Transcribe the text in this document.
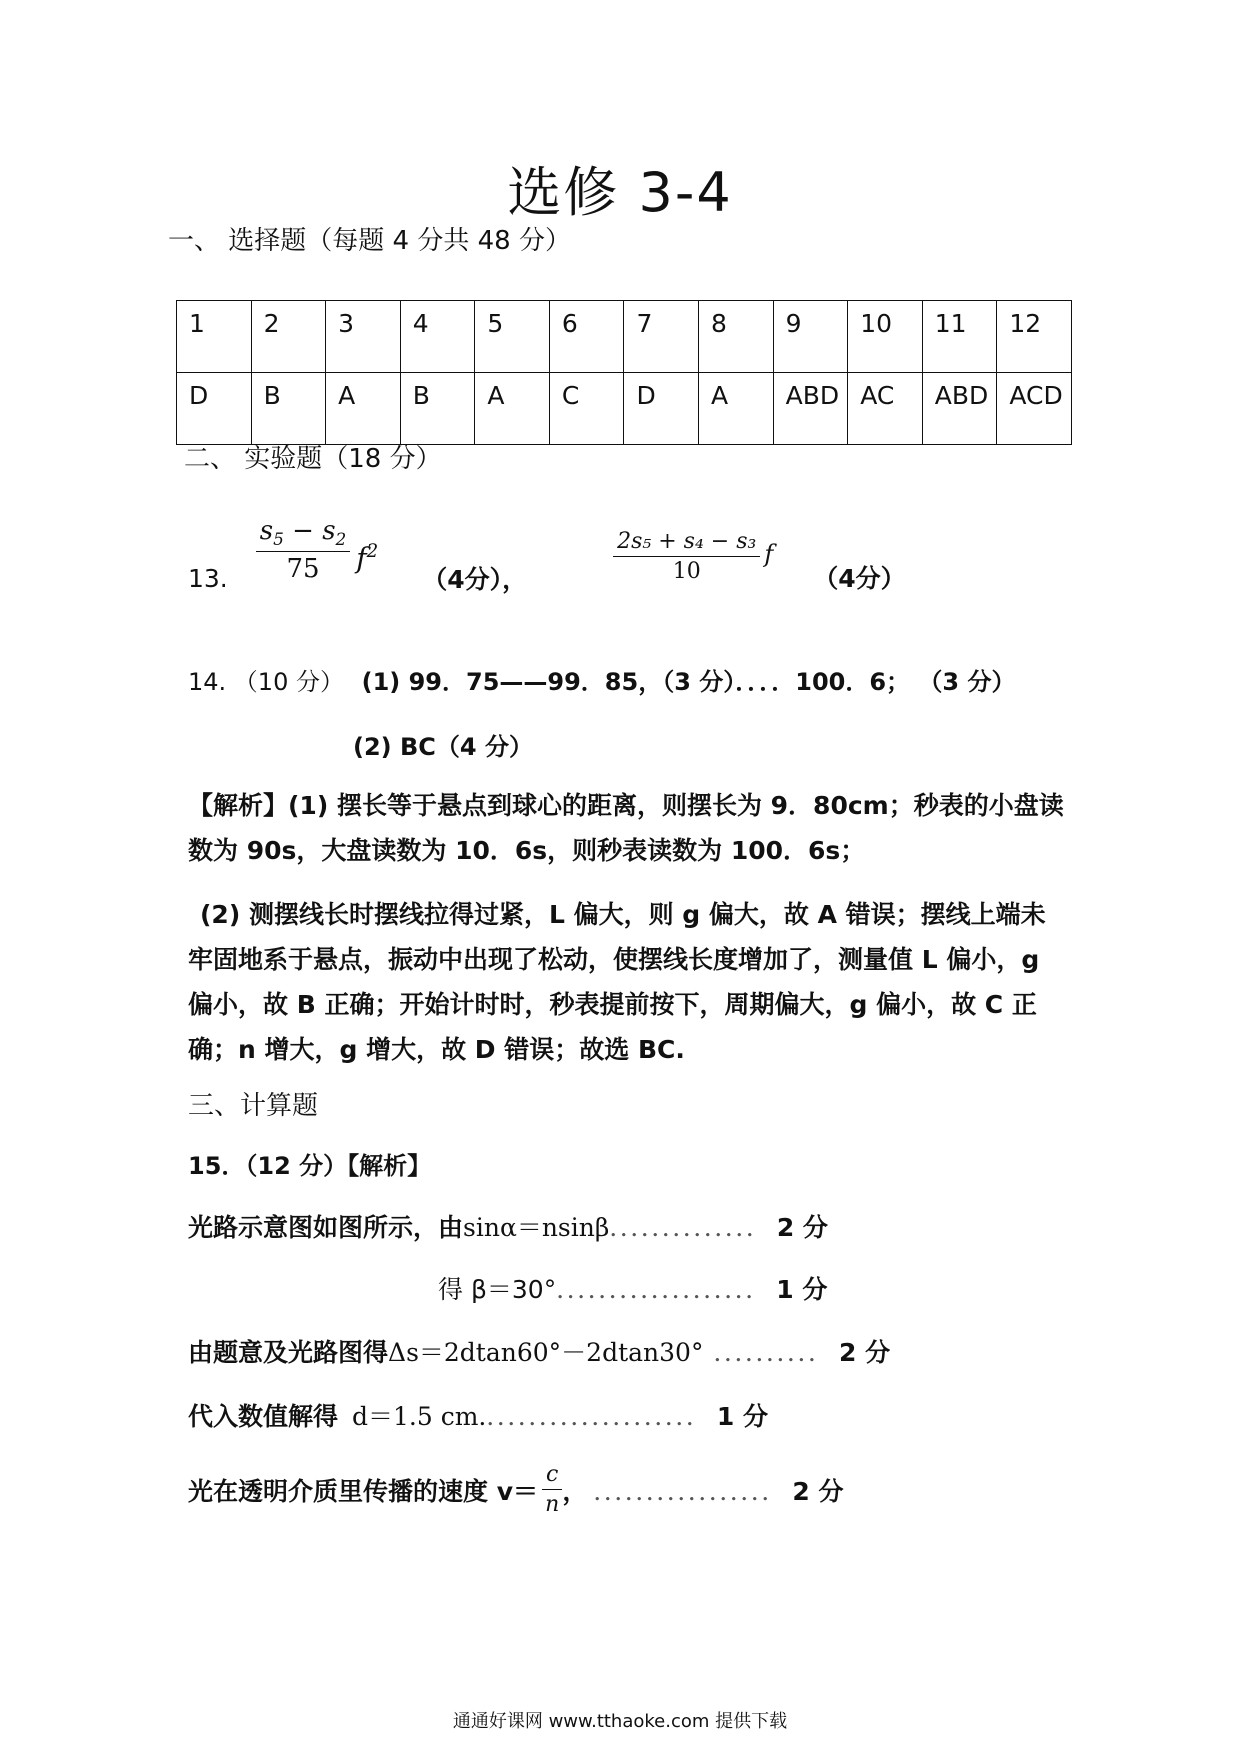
选修 3-4
一、 选择题（每题 4 分共 48 分）
1	2	3	4	5	6	7	8	9	10	11	12
D	B	A	B	A	C	D	A	ABD	AC	ABD	ACD
二、 实验题（18 分）
13. $\frac{s_5 - s_2}{75} f^2$
（4分），	$\frac{\text{2s₅ + s₄ − s₃}}{10}$ f
（4分）
14. （10 分） (1) 99．75——99．85，（3 分）．．．．100．6； （3 分）
(2) BC（4 分）
【解析】(1) 摆长等于悬点到球心的距离，则摆长为 9．80cm；秒表的小盘读数为 90s，大盘读数为 10．6s，则秒表读数为 100．6s；
(2) 测摆线长时摆线拉得过紧，L 偏大，则 g 偏大，故 A 错误；摆线上端未牢固地系于悬点，振动中出现了松动，使摆线长度增加了，测量值 L 偏小，g 偏小，故 B 正确；开始计时时，秒表提前按下，周期偏大，g 偏小，故 C 正确；n 增大，g 增大，故 D 错误；故选 BC.
三、计算题
15．（12 分）【解析】
光路示意图如图所示，由sinα＝nsinβ．．．．．．．．．．．．．． 2 分
得 β＝30°．．．．．．．．．．．．．．．．．．． 1 分
由题意及光路图得Δs＝2dtan60°－2dtan30° ．．．．．．．．．． 2 分
代入数值解得 d＝1.5 cm.．．．．．．．．．．．．．．．．．．．． 1 分
光在透明介质里传播的速度 $v= \frac{c}{n}$ ， ．．．．．．．．．．．．．．．．． 2 分
通通好课网 www.tthaoke.com 提供下载
